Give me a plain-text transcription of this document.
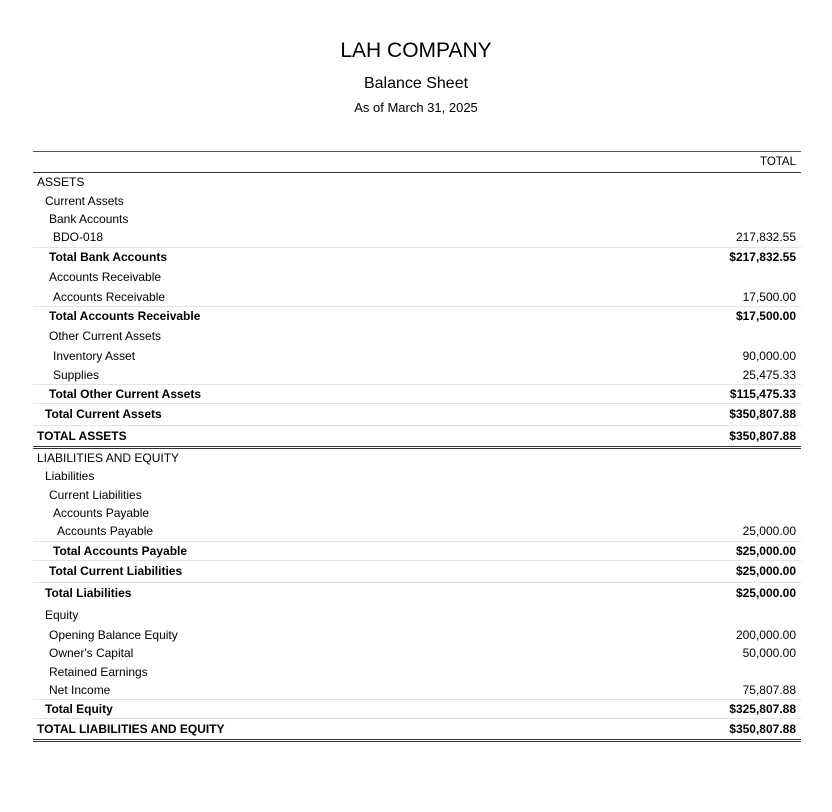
LAH COMPANY
Balance Sheet
As of March 31, 2025
TOTAL
ASSETS
Current Assets
Bank Accounts
BDO-018	217,832.55
Total Bank Accounts	$217,832.55
Accounts Receivable
Accounts Receivable	17,500.00
Total Accounts Receivable	$17,500.00
Other Current Assets
Inventory Asset	90,000.00
Supplies	25,475.33
Total Other Current Assets	$115,475.33
Total Current Assets	$350,807.88
TOTAL ASSETS	$350,807.88
LIABILITIES AND EQUITY
Liabilities
Current Liabilities
Accounts Payable
Accounts Payable	25,000.00
Total Accounts Payable	$25,000.00
Total Current Liabilities	$25,000.00
Total Liabilities	$25,000.00
Equity
Opening Balance Equity	200,000.00
Owner's Capital	50,000.00
Retained Earnings
Net Income	75,807.88
Total Equity	$325,807.88
TOTAL LIABILITIES AND EQUITY	$350,807.88
